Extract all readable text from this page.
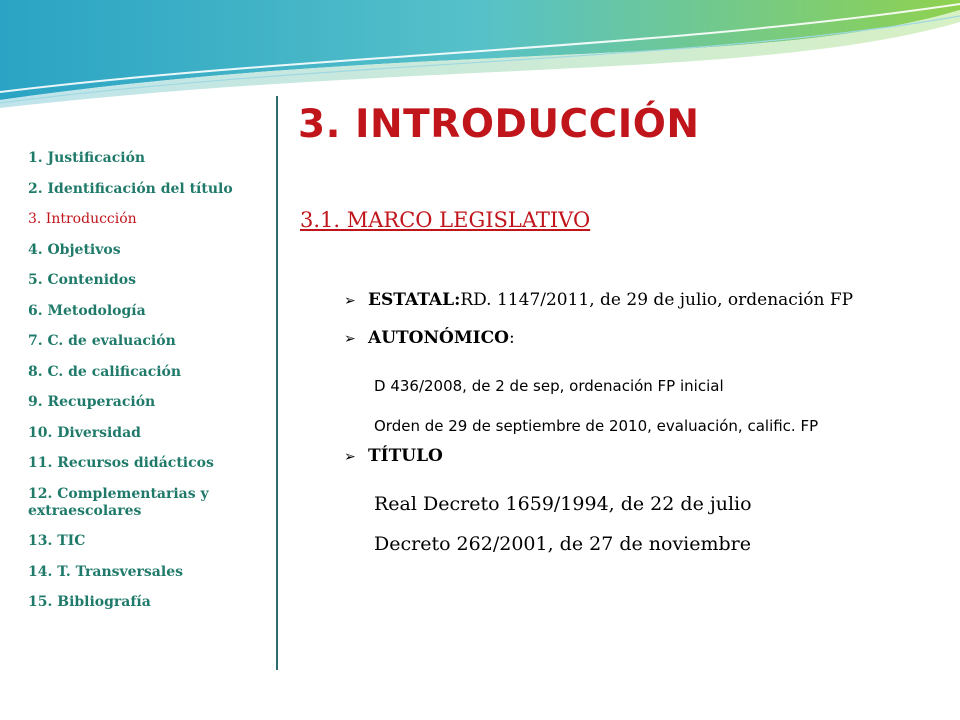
1. Justificación
2. Identificación del título
3. Introducción
4. Objetivos
5. Contenidos
6. Metodología
7. C. de evaluación
8. C. de calificación
9. Recuperación
10. Diversidad
11. Recursos didácticos
12. Complementarias y extraescolares
13. TIC
14. T. Transversales
15. Bibliografía
3. INTRODUCCIÓN
3.1. MARCO LEGISLATIVO
➢ ESTATAL: RD. 1147/2011, de 29 de julio, ordenación FP
➢ AUTONÓMICO :
D 436/2008, de 2 de sep, ordenación FP inicial
Orden de 29 de septiembre de 2010, evaluación, calific. FP
➢ TÍTULO
Real Decreto 1659/1994, de 22 de julio
Decreto 262/2001, de 27 de noviembre
